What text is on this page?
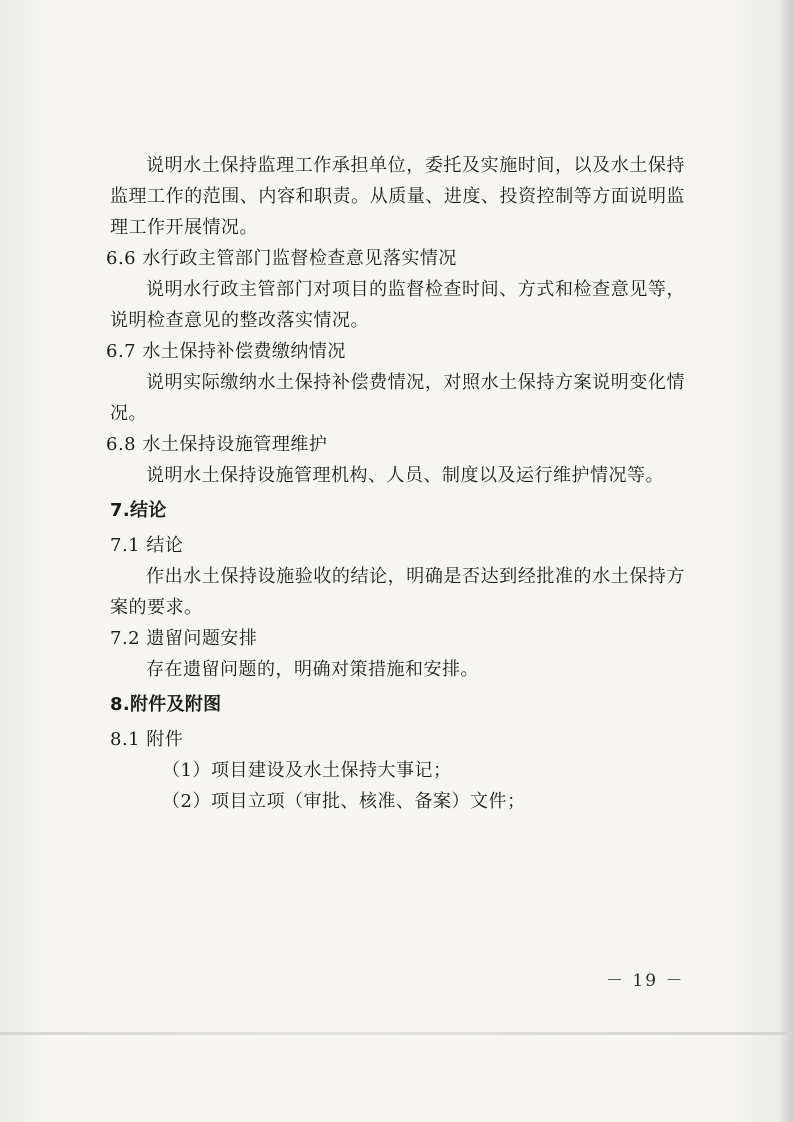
说明水土保持监理工作承担单位，委托及实施时间，以及水土保持监理工作的范围、内容和职责。从质量、进度、投资控制等方面说明监理工作开展情况。

6.6 水行政主管部门监督检查意见落实情况

说明水行政主管部门对项目的监督检查时间、方式和检查意见等，说明检查意见的整改落实情况。

6.7 水土保持补偿费缴纳情况

说明实际缴纳水土保持补偿费情况，对照水土保持方案说明变化情况。

6.8 水土保持设施管理维护

说明水土保持设施管理机构、人员、制度以及运行维护情况等。

7.结论

7.1 结论

作出水土保持设施验收的结论，明确是否达到经批准的水土保持方案的要求。

7.2 遗留问题安排

存在遗留问题的，明确对策措施和安排。

8.附件及附图

8.1 附件

（1）项目建设及水土保持大事记；

（2）项目立项（审批、核准、备案）文件；

－ 19 －
